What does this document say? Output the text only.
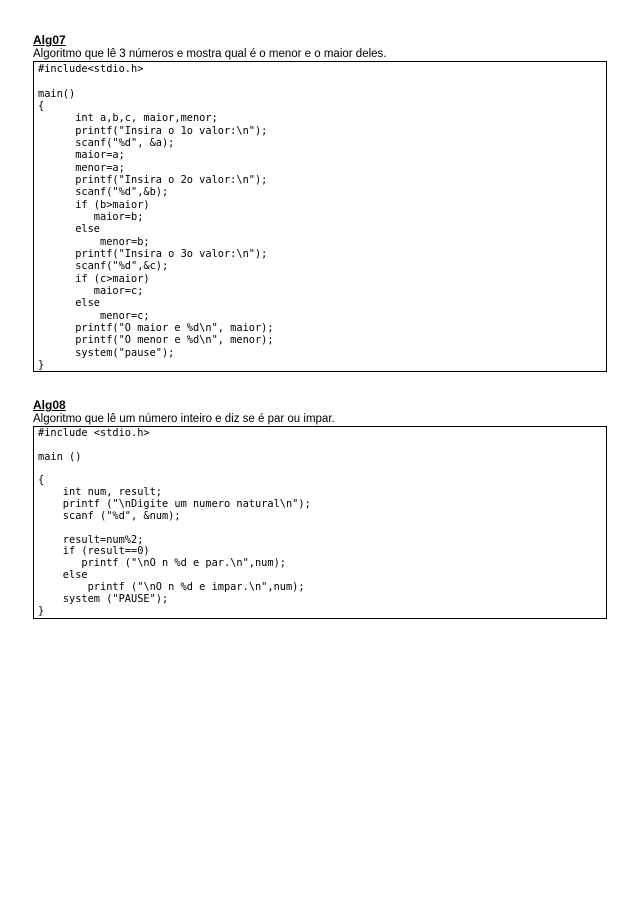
Alg07

Algoritmo que lê 3 números e mostra qual é o menor e o maior deles.

#include<stdio.h>

main()
{
int a,b,c, maior,menor;
printf("Insira o 1o valor:\n");
scanf("%d", &a);
maior=a;
menor=a;
printf("Insira o 2o valor:\n");
scanf("%d",&b);
if (b>maior)
maior=b;
else
menor=b;
printf("Insira o 3o valor:\n");
scanf("%d",&c);
if (c>maior)
maior=c;
else
menor=c;
printf("O maior e %d\n", maior);
printf("O menor e %d\n", menor);
system("pause");
}

Alg08

Algoritmo que lê um número inteiro e diz se é par ou impar.

#include <stdio.h>

main ()

{
int num, result;
printf ("\nDigite um numero natural\n");
scanf ("%d", &num);

result=num%2;
if (result==0)
printf ("\nO n %d e par.\n",num);
else
printf ("\nO n %d e impar.\n",num);
system ("PAUSE");
}
